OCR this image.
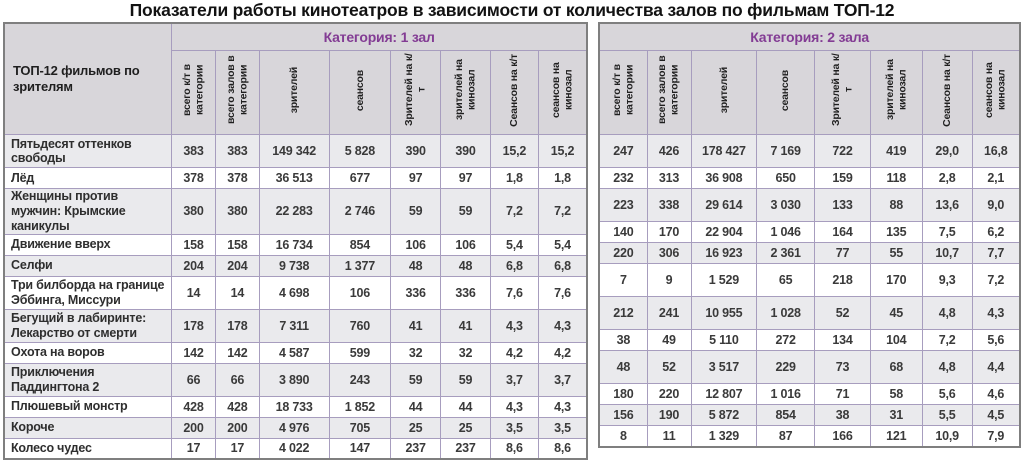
Показатели работы кинотеатров в зависимости от количества залов по фильмам ТОП-12
ТОП-12 фильмов по зрителям	Категория: 1 зал							
	всего к/т в категории	всего залов в категории	зрителей	сеансов	Зрителей на к/т	зрителей на кинозал	Сеансов на к/т	сеансов на кинозал
Пятьдесят оттенков свободы	383	383	149 342	5 828	390	390	15,2	15,2
Лёд	378	378	36 513	677	97	97	1,8	1,8
Женщины против мужчин: Крымские каникулы	380	380	22 283	2 746	59	59	7,2	7,2
Движение вверх	158	158	16 734	854	106	106	5,4	5,4
Селфи	204	204	9 738	1 377	48	48	6,8	6,8
Три билборда на границе Эббинга, Миссури	14	14	4 698	106	336	336	7,6	7,6
Бегущий в лабиринте: Лекарство от смерти	178	178	7 311	760	41	41	4,3	4,3
Охота на воров	142	142	4 587	599	32	32	4,2	4,2
Приключения Паддингтона 2	66	66	3 890	243	59	59	3,7	3,7
Плюшевый монстр	428	428	18 733	1 852	44	44	4,3	4,3
Короче	200	200	4 976	705	25	25	3,5	3,5
Колесо чудес	17	17	4 022	147	237	237	8,6	8,6
Категория: 2 зала							
всего к/т в категории	всего залов в категории	зрителей	сеансов	Зрителей на к/т	зрителей на кинозал	Сеансов на к/т	сеансов на кинозал
247	426	178 427	7 169	722	419	29,0	16,8
232	313	36 908	650	159	118	2,8	2,1
223	338	29 614	3 030	133	88	13,6	9,0
140	170	22 904	1 046	164	135	7,5	6,2
220	306	16 923	2 361	77	55	10,7	7,7
7	9	1 529	65	218	170	9,3	7,2
212	241	10 955	1 028	52	45	4,8	4,3
38	49	5 110	272	134	104	7,2	5,6
48	52	3 517	229	73	68	4,8	4,4
180	220	12 807	1 016	71	58	5,6	4,6
156	190	5 872	854	38	31	5,5	4,5
8	11	1 329	87	166	121	10,9	7,9
